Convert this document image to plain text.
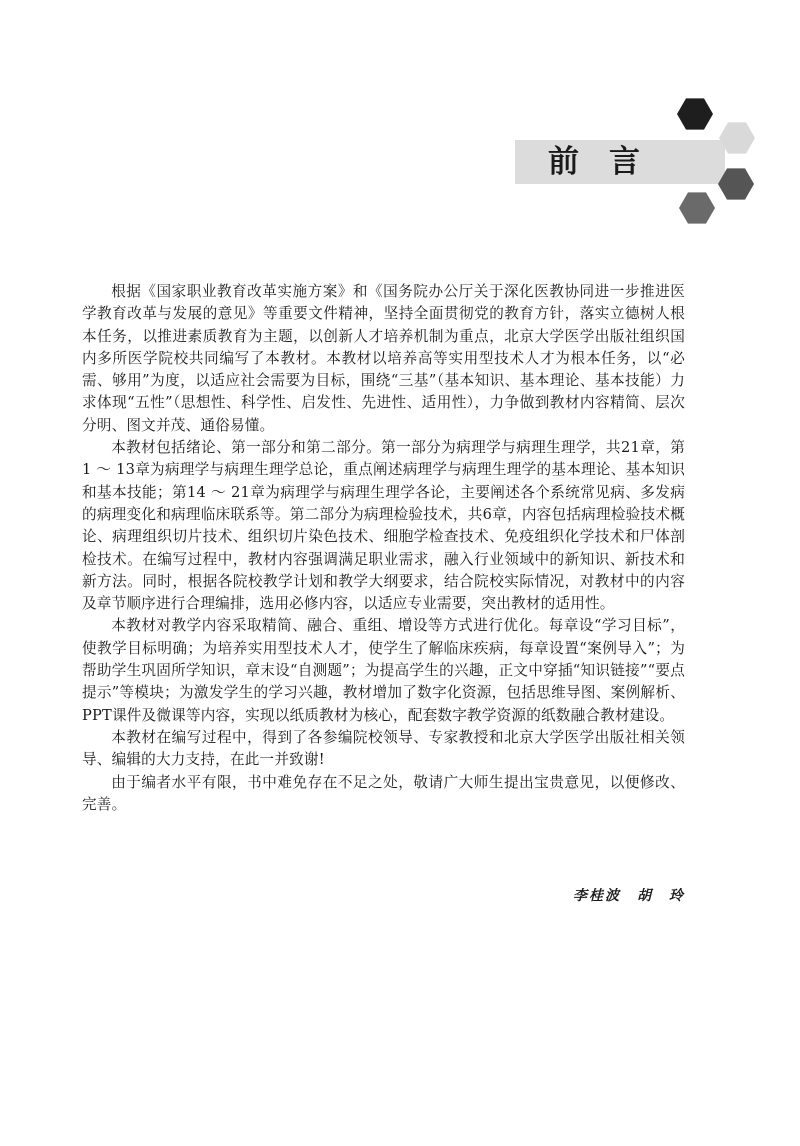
前言

根据《国家职业教育改革实施方案》和《国务院办公厅关于深化医教协同进一步推进医学教育改革与发展的意见》等重要文件精神，坚持全面贯彻党的教育方针，落实立德树人根本任务，以推进素质教育为主题，以创新人才培养机制为重点，北京大学医学出版社组织国内多所医学院校共同编写了本教材。本教材以培养高等实用型技术人才为根本任务，以“必需、够用”为度，以适应社会需要为目标，围绕“三基”（基本知识、基本理论、基本技能）力求体现“五性”（思想性、科学性、启发性、先进性、适用性），力争做到教材内容精简、层次分明、图文并茂、通俗易懂。

本教材包括绪论、第一部分和第二部分。第一部分为病理学与病理生理学，共21章，第1 ～ 13章为病理学与病理生理学总论，重点阐述病理学与病理生理学的基本理论、基本知识和基本技能；第14 ～ 21章为病理学与病理生理学各论，主要阐述各个系统常见病、多发病的病理变化和病理临床联系等。第二部分为病理检验技术，共6章，内容包括病理检验技术概论、病理组织切片技术、组织切片染色技术、细胞学检查技术、免疫组织化学技术和尸体剖检技术。在编写过程中，教材内容强调满足职业需求，融入行业领域中的新知识、新技术和新方法。同时，根据各院校教学计划和教学大纲要求，结合院校实际情况，对教材中的内容及章节顺序进行合理编排，选用必修内容，以适应专业需要，突出教材的适用性。

本教材对教学内容采取精简、融合、重组、增设等方式进行优化。每章设“学习目标”，使教学目标明确；为培养实用型技术人才，使学生了解临床疾病，每章设置“案例导入”；为帮助学生巩固所学知识，章末设“自测题”；为提高学生的兴趣，正文中穿插“知识链接”“要点提示”等模块；为激发学生的学习兴趣，教材增加了数字化资源，包括思维导图、案例解析、PPT课件及微课等内容，实现以纸质教材为核心，配套数字教学资源的纸数融合教材建设。

本教材在编写过程中，得到了各参编院校领导、专家教授和北京大学医学出版社相关领导、编辑的大力支持，在此一并致谢!

由于编者水平有限，书中难免存在不足之处，敬请广大师生提出宝贵意见，以便修改、完善。

李桂波　胡　玲
